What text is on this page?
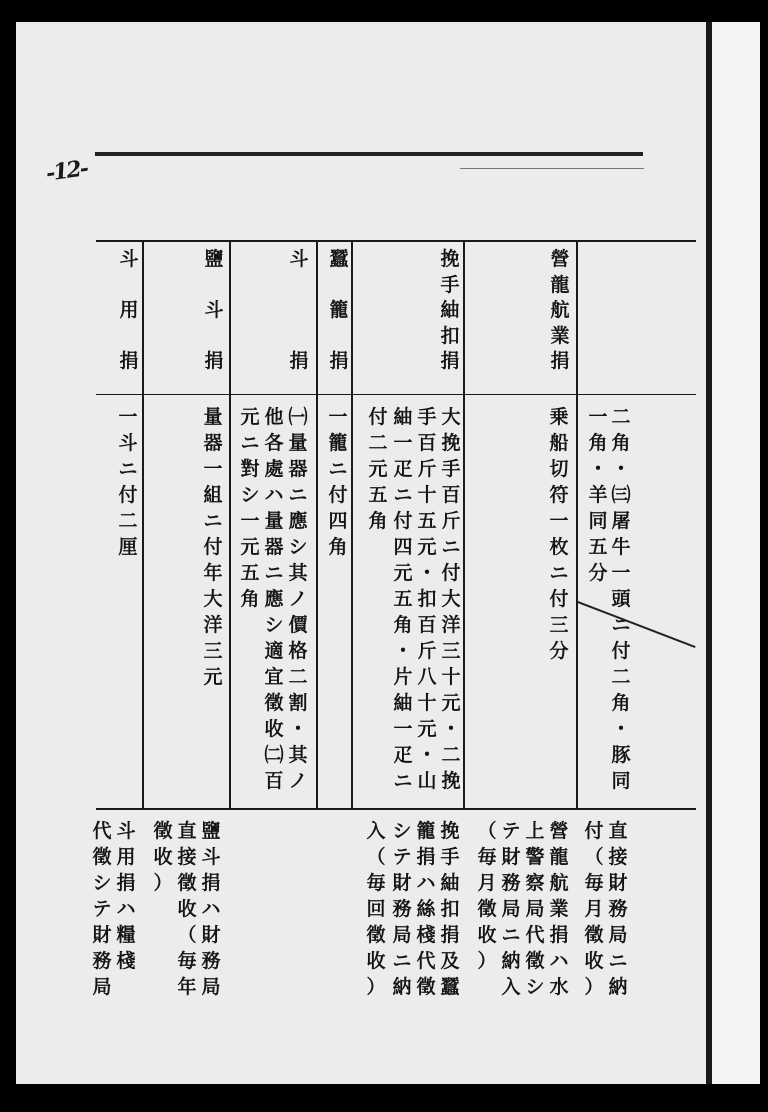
-12-
營
龍
航
業
捐
挽
手
紬
扣
捐
蠶
籠
捐
斗
捐
鹽
斗
捐
斗
用
捐
二
角
・
㈢
屠
牛
一
頭
ニ
付
二
角
・
豚
同
一
角
・
羊
同
五
分
乗
船
切
符
一
枚
ニ
付
三
分
大
挽
手
百
斤
ニ
付
大
洋
三
十
元
・
二
挽
手
百
斤
十
五
元
・
扣
百
斤
八
十
元
・
山
紬
一
疋
ニ
付
四
元
五
角
・
片
紬
一
疋
ニ
付
二
元
五
角
一
籠
ニ
付
四
角
㈠
量
器
ニ
應
シ
其
ノ
價
格
二
割
・
其
ノ
他
各
處
ハ
量
器
ニ
應
シ
適
宜
徵
收
㈡
百
元
ニ
對
シ
一
元
五
角
量
器
一
組
ニ
付
年
大
洋
三
元
一
斗
ニ
付
二
厘
直
接
財
務
局
ニ
納
付
（
毎
月
徵
收
）
營
龍
航
業
捐
ハ
水
上
警
察
局
代
徵
シ
テ
財
務
局
ニ
納
入
（
毎
月
徵
收
）
挽
手
紬
扣
捐
及
蠶
籠
捐
ハ
絲
棧
代
徵
シ
テ
財
務
局
ニ
納
入
（
毎
回
徵
收
）
鹽
斗
捐
ハ
財
務
局
直
接
徵
收
（
毎
年
徵
收
）
斗
用
捐
ハ
糧
棧
代
徵
シ
テ
財
務
局
